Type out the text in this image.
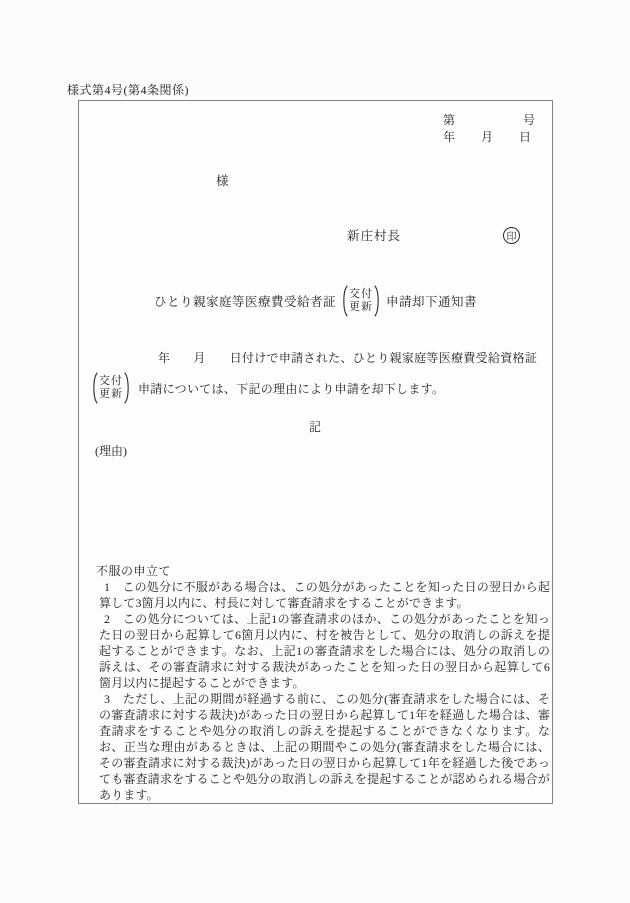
様式第4号(第4条関係)
第	号
年 月 日
様
新庄村長	印
ひとり親家庭等医療費受給者証
交付
更新 申請却下通知書
年 月 日付けで申請された、ひとり親家庭等医療費受給資格証
交付
更新 申請については、下記の理由により申請を却下します。
記
(理由)
不服の申立て
1　この処分に不服がある場合は、この処分があったことを知った日の翌日から起算して3箇月以内に、村長に対して審査請求をすることができます。
2　この処分については、上記1の審査請求のほか、この処分があったことを知った日の翌日から起算して6箇月以内に、村を被告として、処分の取消しの訴えを提起することができます。なお、上記1の審査請求をした場合には、処分の取消しの訴えは、その審査請求に対する裁決があったことを知った日の翌日から起算して6箇月以内に提起することができます。
3　ただし、上記の期間が経過する前に、この処分(審査請求をした場合には、その審査請求に対する裁決)があった日の翌日から起算して1年を経過した場合は、審査請求をすることや処分の取消しの訴えを提起することができなくなります。なお、正当な理由があるときは、上記の期間やこの処分(審査請求をした場合には、その審査請求に対する裁決)があった日の翌日から起算して1年を経過した後であっても審査請求をすることや処分の取消しの訴えを提起することが認められる場合があります。
